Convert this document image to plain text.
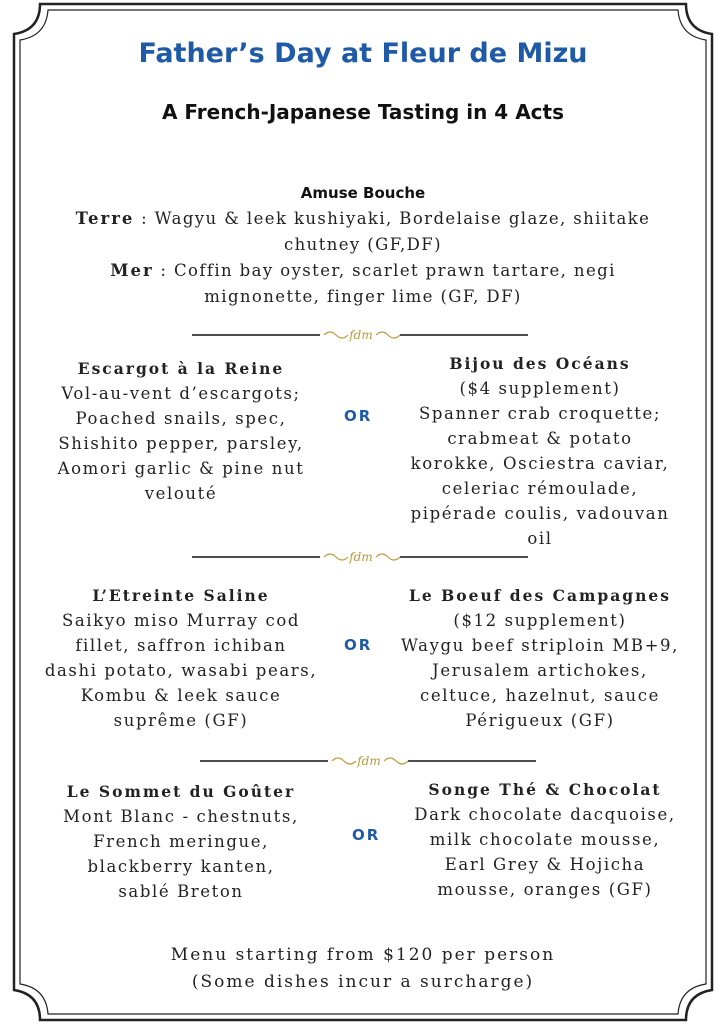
Father’s Day at Fleur de Mizu
A French-Japanese Tasting in 4 Acts
Amuse Bouche
Terre : Wagyu & leek kushiyaki, Bordelaise glaze, shiitake
chutney (GF,DF)
Mer : Coffin bay oyster, scarlet prawn tartare, negi
mignonette, finger lime (GF, DF)
fdm
Escargot à la Reine
Vol-au-vent d’escargots;
Poached snails, spec,
Shishito pepper, parsley,
Aomori garlic & pine nut
velouté
OR
Bijou des Océans
($4 supplement)
Spanner crab croquette;
crabmeat & potato
korokke, Osciestra caviar,
celeriac rémoulade,
pipérade coulis, vadouvan
oil
fdm
L’Etreinte Saline
Saikyo miso Murray cod
fillet, saffron ichiban
dashi potato, wasabi pears,
Kombu & leek sauce
suprême (GF)
OR
Le Boeuf des Campagnes
($12 supplement)
Waygu beef striploin MB+9,
Jerusalem artichokes,
celtuce, hazelnut, sauce
Périgueux (GF)
fdm
Le Sommet du Goûter
Mont Blanc - chestnuts,
French meringue,
blackberry kanten,
sablé Breton
OR
Songe Thé & Chocolat
Dark chocolate dacquoise,
milk chocolate mousse,
Earl Grey & Hojicha
mousse, oranges (GF)
Menu starting from $120 per person
(Some dishes incur a surcharge)
